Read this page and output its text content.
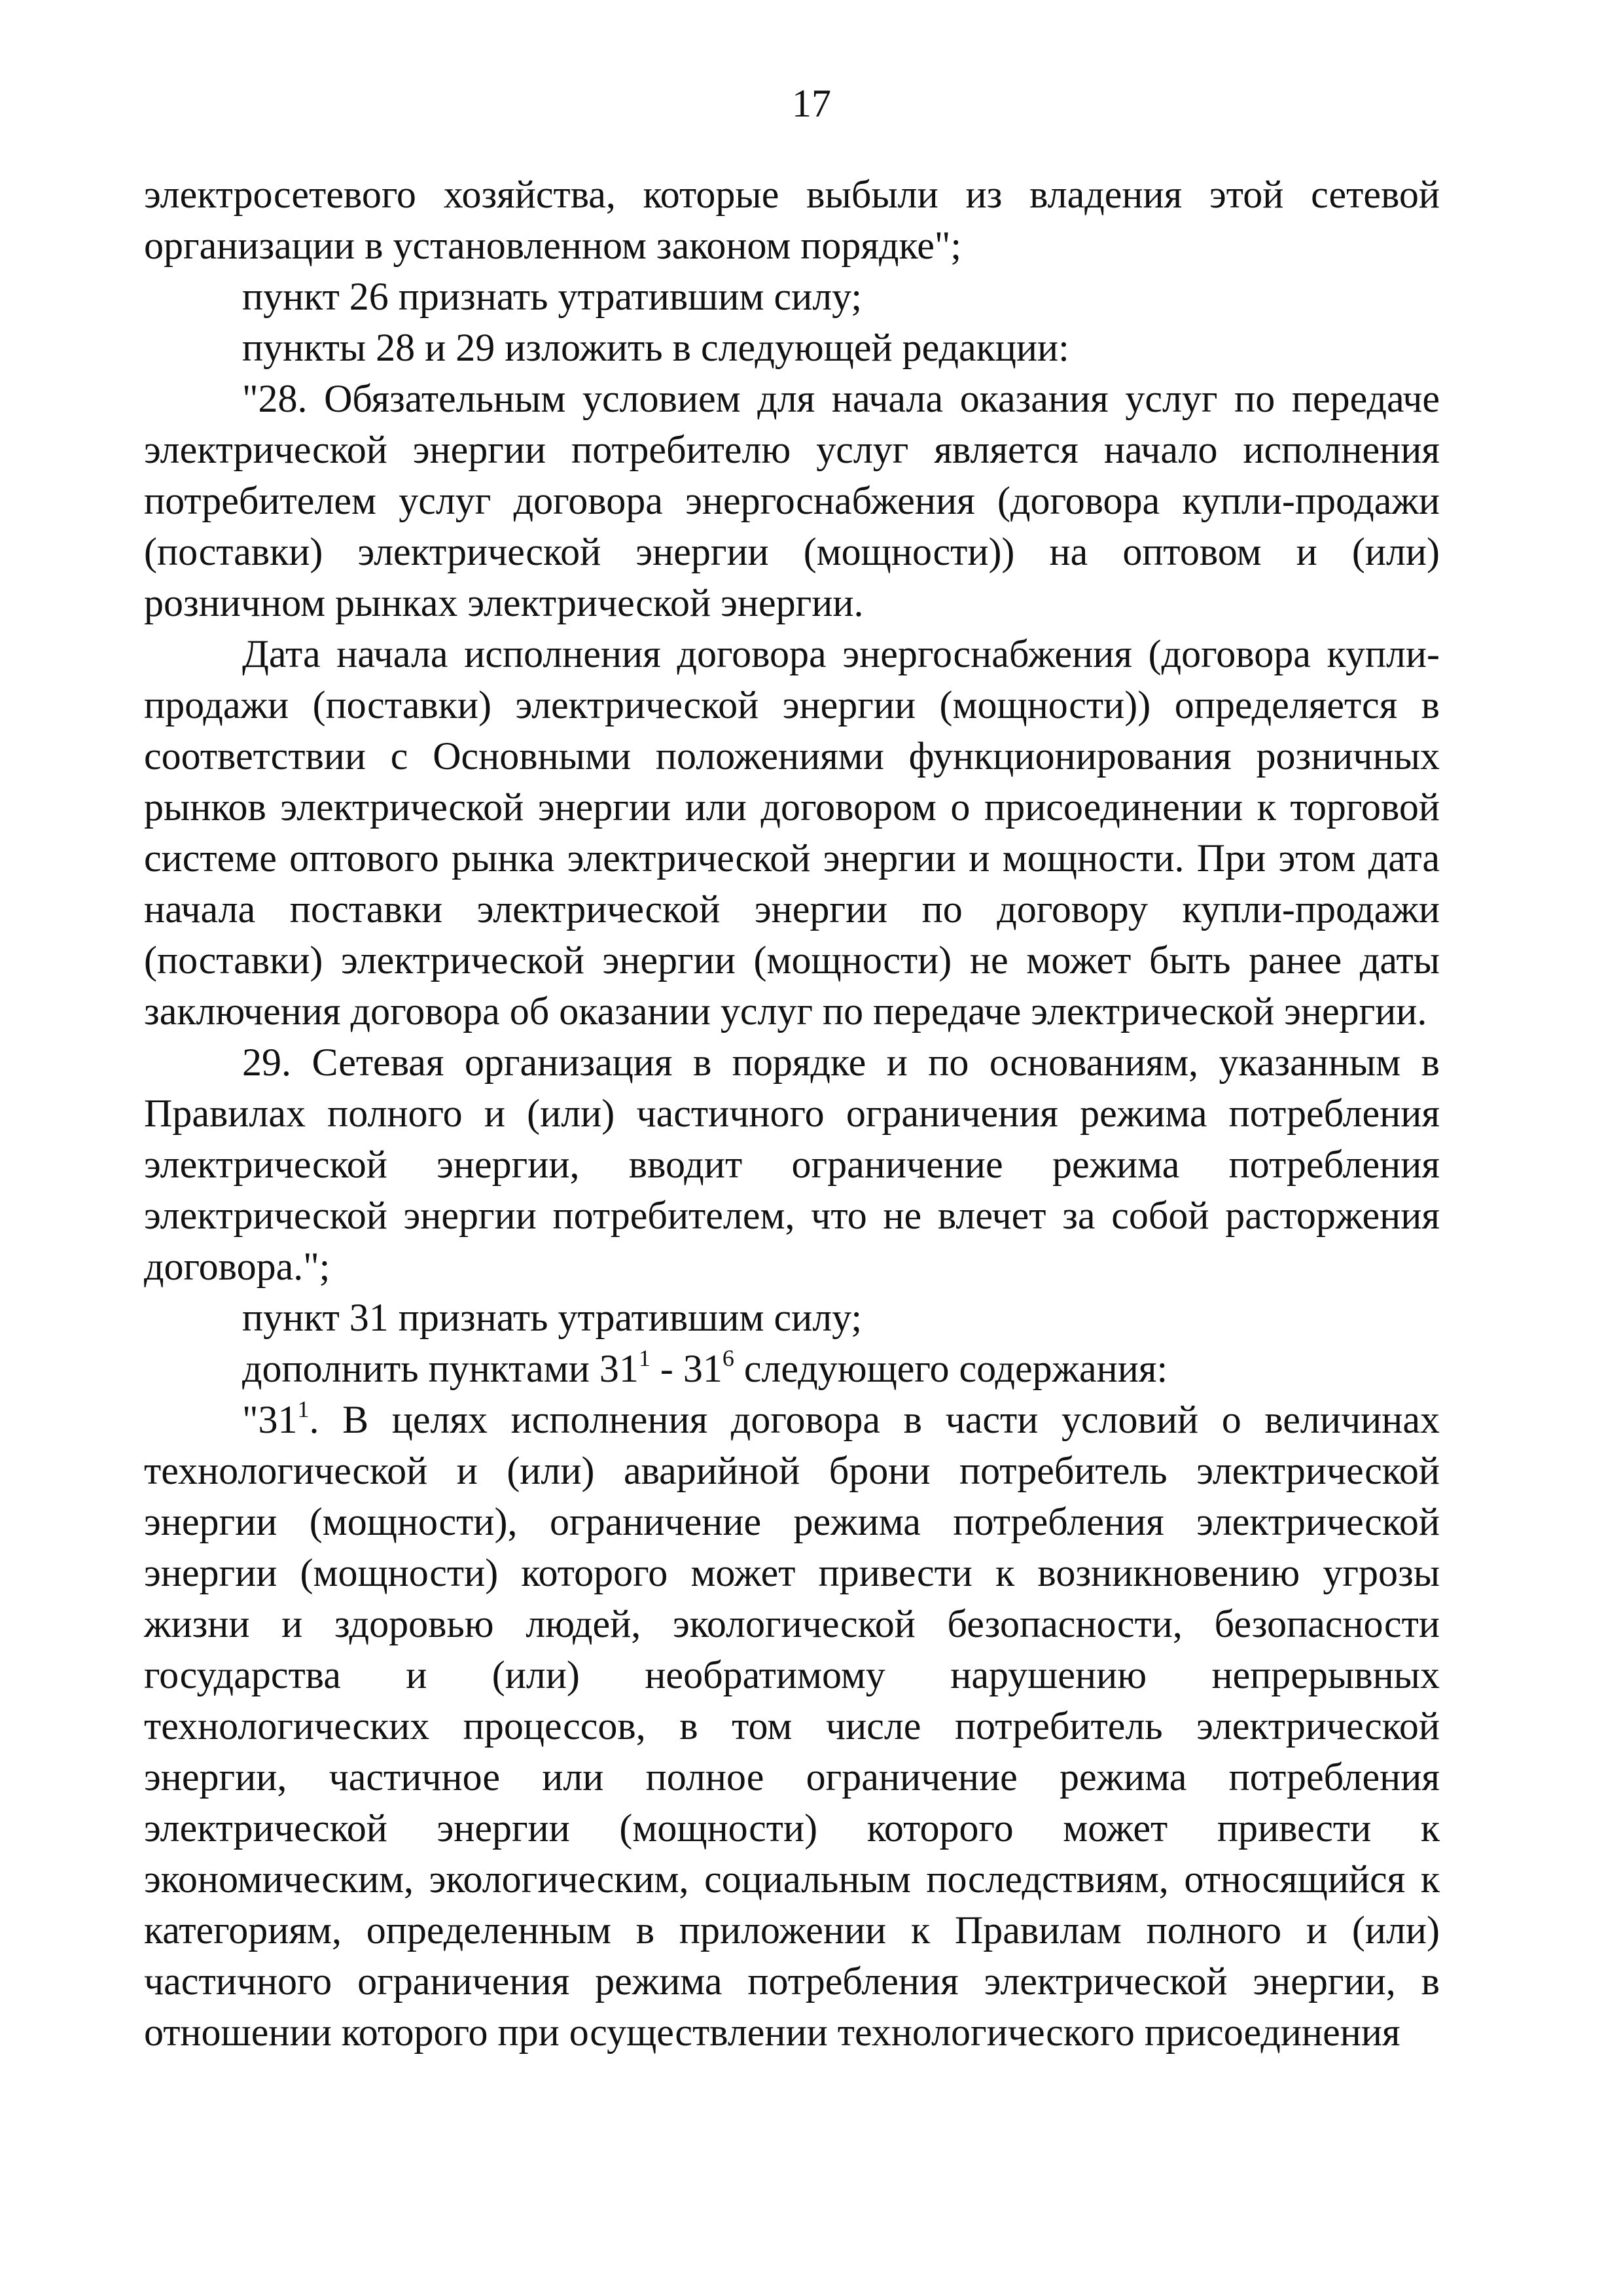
17

электросетевого хозяйства, которые выбыли из владения этой сетевой организации в установленном законом порядке";

пункт 26 признать утратившим силу;

пункты 28 и 29 изложить в следующей редакции:

"28. Обязательным условием для начала оказания услуг по передаче электрической энергии потребителю услуг является начало исполнения потребителем услуг договора энергоснабжения (договора купли-продажи (поставки) электрической энергии (мощности)) на оптовом и (или) розничном рынках электрической энергии.

Дата начала исполнения договора энергоснабжения (договора купли-продажи (поставки) электрической энергии (мощности)) определяется в соответствии с Основными положениями функционирования розничных рынков электрической энергии или договором о присоединении к торговой системе оптового рынка электрической энергии и мощности. При этом дата начала поставки электрической энергии по договору купли-продажи (поставки) электрической энергии (мощности) не может быть ранее даты заключения договора об оказании услуг по передаче электрической энергии.

29. Сетевая организация в порядке и по основаниям, указанным в Правилах полного и (или) частичного ограничения режима потребления электрической энергии, вводит ограничение режима потребления электрической энергии потребителем, что не влечет за собой расторжения договора.";

пункт 31 признать утратившим силу;

дополнить пунктами $31^1 - 31^6$ следующего содержания:

"$31^1$. В целях исполнения договора в части условий о величинах технологической и (или) аварийной брони потребитель электрической энергии (мощности), ограничение режима потребления электрической энергии (мощности) которого может привести к возникновению угрозы жизни и здоровью людей, экологической безопасности, безопасности государства и (или) необратимому нарушению непрерывных технологических процессов, в том числе потребитель электрической энергии, частичное или полное ограничение режима потребления электрической энергии (мощности) которого может привести к экономическим, экологическим, социальным последствиям, относящийся к категориям, определенным в приложении к Правилам полного и (или) частичного ограничения режима потребления электрической энергии, в отношении которого при осуществлении технологического присоединения
